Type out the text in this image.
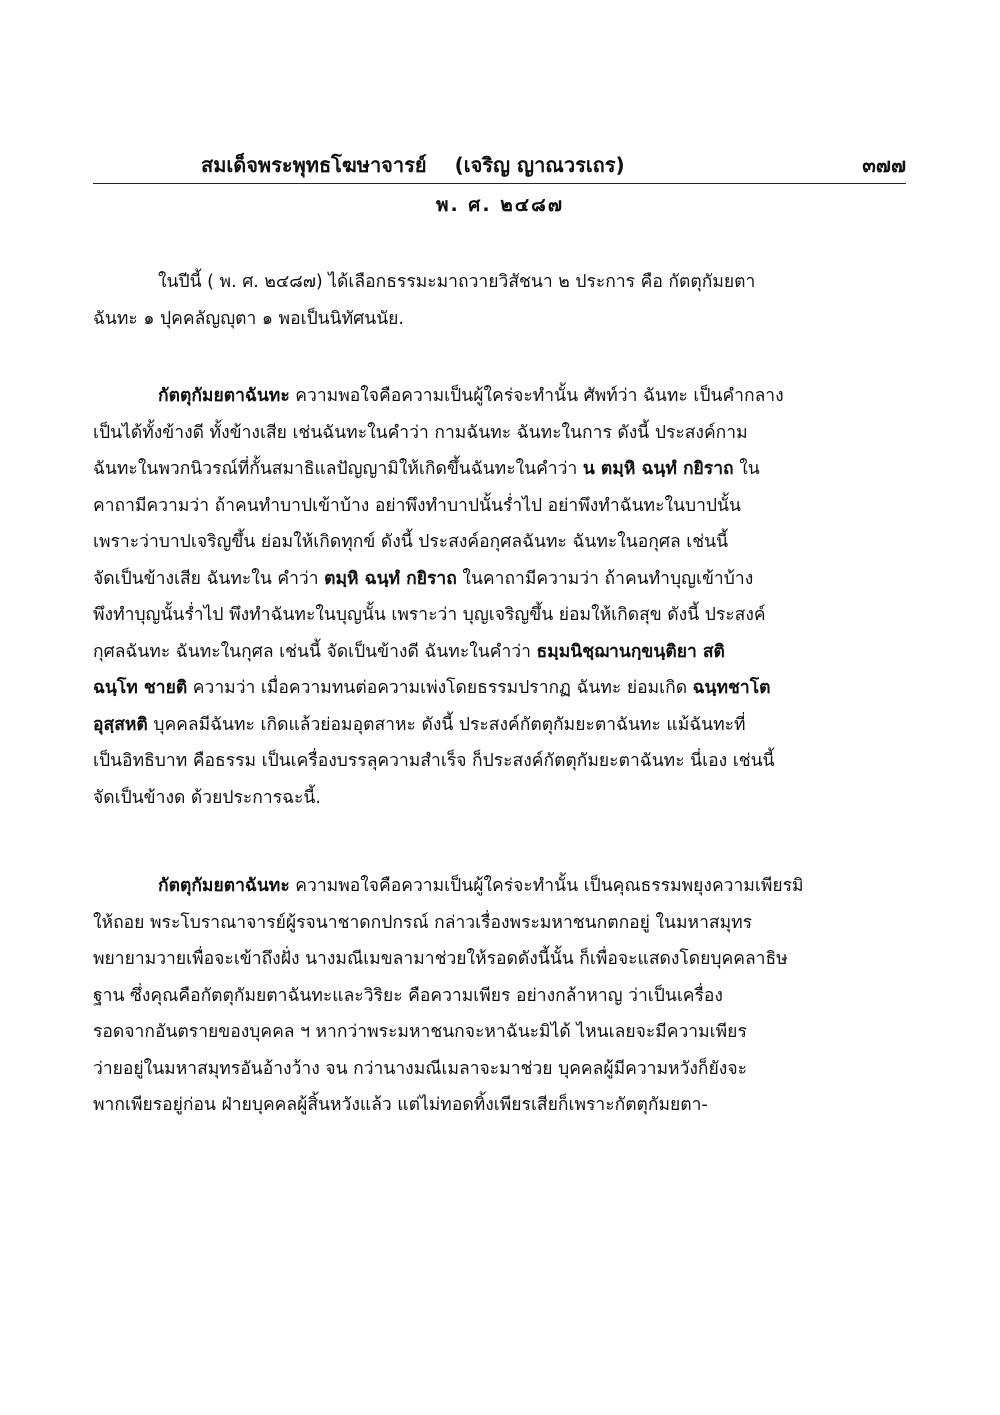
สมเด็จพระพุทธโฆษาจารย์ (เจริญ ญาณวรเถร)	๓๗๗
พ. ศ. ๒๔๘๗
ในปีนี้ ( พ. ศ. ๒๔๘๗) ได้เลือกธรรมะมาถวายวิสัชนา ๒ ประการ คือ กัตตุกัมยตา
ฉันทะ ๑ ปุคคลัญญุตา ๑ พอเป็นนิทัศนนัย.
กัตตุกัมยตาฉันทะ ความพอใจคือความเป็นผู้ใคร่จะทำนั้น ศัพท์ว่า ฉันทะ เป็นคำกลาง
เป็นได้ทั้งข้างดี ทั้งข้างเสีย เช่นฉันทะในคำว่า กามฉันทะ ฉันทะในการ ดังนี้ ประสงค์กาม
ฉันทะในพวกนิวรณ์ที่กั้นสมาธิแลปัญญามิให้เกิดขึ้นฉันทะในคำว่า น ตมฺหิ ฉนฺทํ กยิราถ ใน
คาถามีความว่า ถ้าคนทำบาปเข้าบ้าง อย่าพึงทำบาปนั้นร่ำไป อย่าพึงทำฉันทะในบาปนั้น
เพราะว่าบาปเจริญขึ้น ย่อมให้เกิดทุกข์ ดังนี้ ประสงค์อกุศลฉันทะ ฉันทะในอกุศล เช่นนี้
จัดเป็นข้างเสีย ฉันทะใน คำว่า ตมฺหิ ฉนฺทํ กยิราถ ในคาถามีความว่า ถ้าคนทำบุญเข้าบ้าง
พึงทำบุญนั้นร่ำไป พึงทำฉันทะในบุญนั้น เพราะว่า บุญเจริญขึ้น ย่อมให้เกิดสุข ดังนี้ ประสงค์
กุศลฉันทะ ฉันทะในกุศล เช่นนี้ จัดเป็นข้างดี ฉันทะในคำว่า ธมฺมนิชฺฌานกฺขนฺติยา สติ
ฉนฺโท ชายติ ความว่า เมื่อความทนต่อความเพ่งโดยธรรมปรากฏ ฉันทะ ย่อมเกิด ฉนฺทชาโต
อุสฺสหติ บุคคลมีฉันทะ เกิดแล้วย่อมอุตสาหะ ดังนี้ ประสงค์กัตตุกัมยะตาฉันทะ แม้ฉันทะที่
เป็นอิทธิบาท คือธรรม เป็นเครื่องบรรลุความสำเร็จ ก็ประสงค์กัตตุกัมยะตาฉันทะ นี่เอง เช่นนี้
จัดเป็นข้างด ด้วยประการฉะนี้.
กัตตุกัมยตาฉันทะ ความพอใจคือความเป็นผู้ใคร่จะทำนั้น เป็นคุณธรรมพยุงความเพียรมิ
ให้ถอย พระโบราณาจารย์ผู้รจนาชาดกปกรณ์ กล่าวเรื่องพระมหาชนกตกอยู่ ในมหาสมุทร
พยายามวายเพื่อจะเข้าถึงฝั่ง นางมณีเมขลามาช่วยให้รอดดังนี้นั้น ก็เพื่อจะแสดงโดยบุคคลาธิษ
ฐาน ซึ่งคุณคือกัตตุกัมยตาฉันทะและวิริยะ คือความเพียร อย่างกล้าหาญ ว่าเป็นเครื่อง
รอดจากอันตรายของบุคคล ฯ หากว่าพระมหาชนกจะหาฉันะมิได้ ไหนเลยจะมีความเพียร
ว่ายอยู่ในมหาสมุทรอันอ้างว้าง จน กว่านางมณีเมลาจะมาช่วย บุคคลผู้มีความหวังก็ยังจะ
พากเพียรอยู่ก่อน ฝ่ายบุคคลผู้สิ้นหวังแล้ว แต่ไม่ทอดทิ้งเพียรเสียก็เพราะกัตตุกัมยตา-
